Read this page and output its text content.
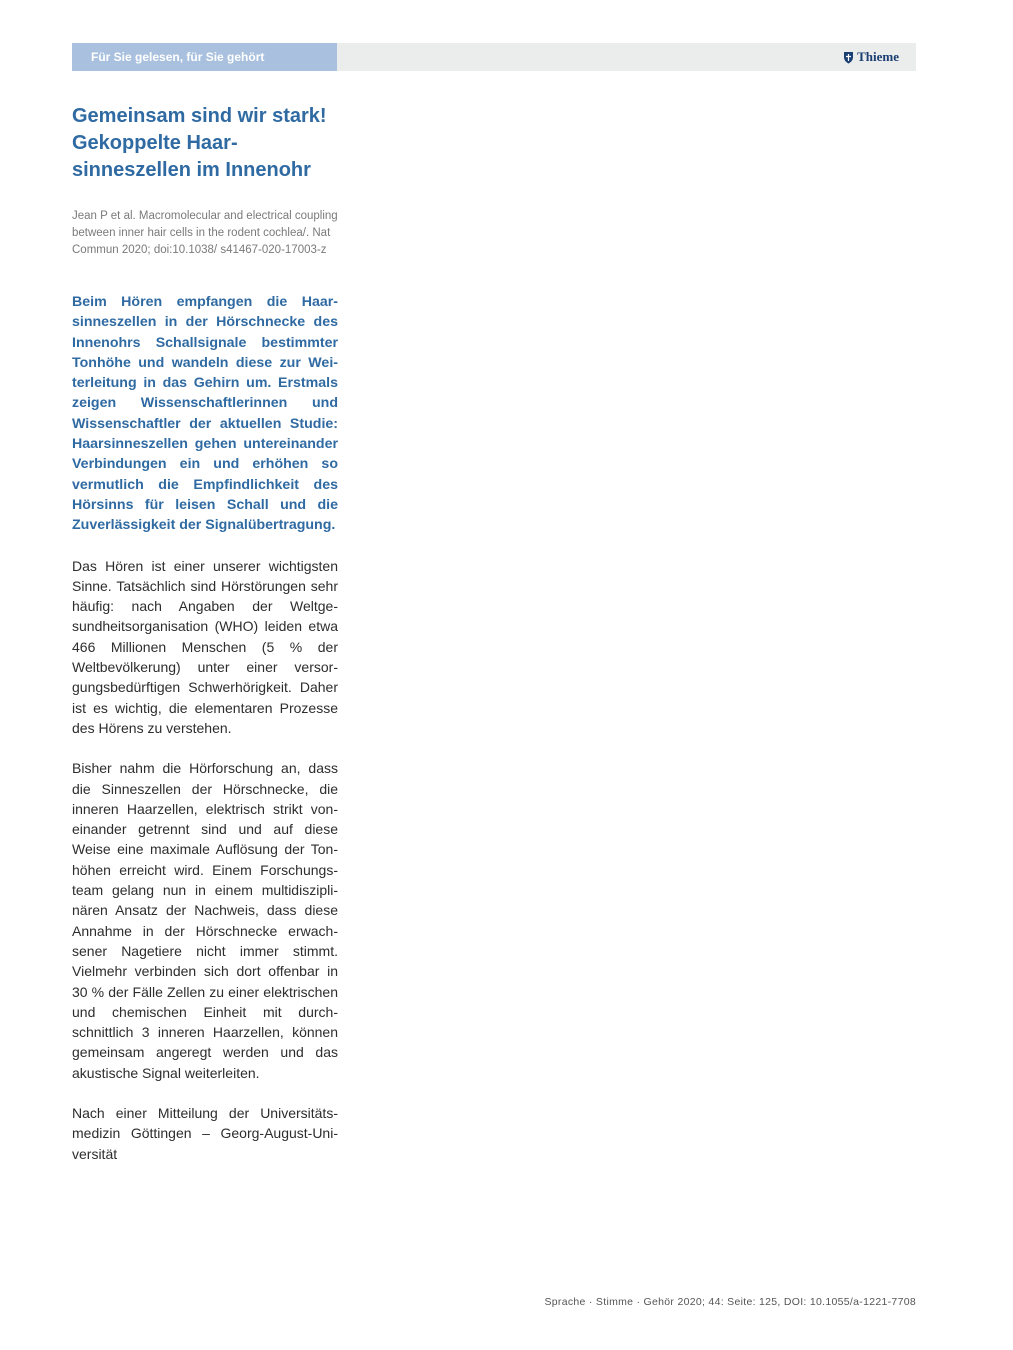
Für Sie gelesen, für Sie gehört	Thieme
Gemeinsam sind wir stark! Gekoppelte Haarsinneszellen im Innenohr

Jean P et al. Macromolecular and electrical coupling between inner hair cells in the rodent cochlea/. Nat Commun 2020; doi:10.1038/ s41467-020-17003-z

Beim Hören empfangen die Haarsinneszellen in der Hörschnecke des Innenohrs Schallsignale bestimmter Tonhöhe und wandeln diese zur Weiterleitung in das Gehirn um. Erstmals zeigen Wissenschaftlerinnen und Wissenschaftler der aktuellen Studie: Haarsinneszellen gehen untereinander Verbindungen ein und erhöhen so vermutlich die Empfindlichkeit des Hörsinns für leisen Schall und die Zuverlässigkeit der Signalübertragung.

Das Hören ist einer unserer wichtigsten Sinne. Tatsächlich sind Hörstörungen sehr häufig: nach Angaben der Weltgesundheitsorganisation (WHO) leiden etwa 466 Millionen Menschen (5 % der Weltbevölkerung) unter einer versorgungsbedürftigen Schwerhörigkeit. Daher ist es wichtig, die elementaren Prozesse des Hörens zu verstehen.

Bisher nahm die Hörforschung an, dass die Sinneszellen der Hörschnecke, die inneren Haarzellen, elektrisch strikt voneinander getrennt sind und auf diese Weise eine maximale Auflösung der Tonhöhen erreicht wird. Einem Forschungsteam gelang nun in einem multidisziplinären Ansatz der Nachweis, dass diese Annahme in der Hörschnecke erwachsener Nagetiere nicht immer stimmt. Vielmehr verbinden sich dort offenbar in 30 % der Fälle Zellen zu einer elektrischen und chemischen Einheit mit durchschnittlich 3 inneren Haarzellen, können gemeinsam angeregt werden und das akustische Signal weiterleiten.

Nach einer Mitteilung der Universitätsmedizin Göttingen – Georg-August-Universität

Sprache · Stimme · Gehör 2020; 44: Seite: 125, DOI: 10.1055/a-1221-7708
